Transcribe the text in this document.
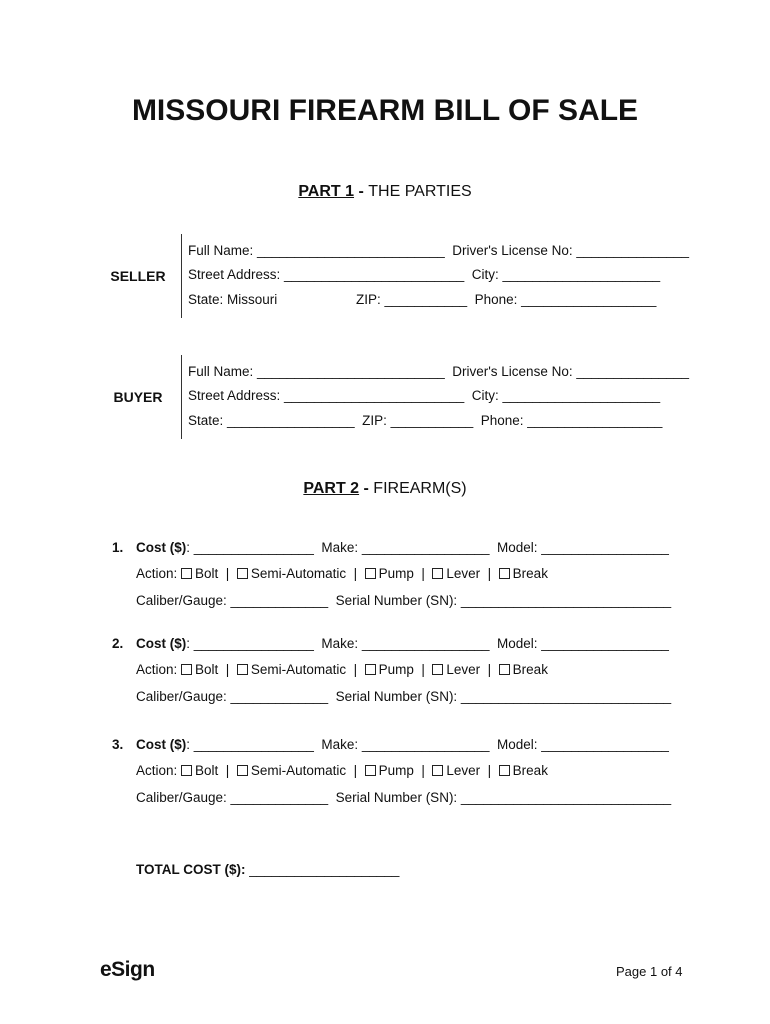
MISSOURI FIREARM BILL OF SALE
PART 1 - THE PARTIES
SELLER
Full Name: _________________________  Driver's License No: _______________
Street Address: ________________________  City: _____________________
State: Missouri                     ZIP: ___________  Phone: __________________
BUYER
Full Name: _________________________  Driver's License No: _______________
Street Address: ________________________  City: _____________________
State: _________________  ZIP: ___________  Phone: __________________
PART 2 - FIREARM(S)
1. Cost ($): ________________  Make: _________________  Model: _________________
Action: Bolt  |  Semi-Automatic  |  Pump  |  Lever  |  Break
Caliber/Gauge: _____________  Serial Number (SN): ____________________________
2. Cost ($): ________________  Make: _________________  Model: _________________
Action: Bolt  |  Semi-Automatic  |  Pump  |  Lever  |  Break
Caliber/Gauge: _____________  Serial Number (SN): ____________________________
3. Cost ($): ________________  Make: _________________  Model: _________________
Action: Bolt  |  Semi-Automatic  |  Pump  |  Lever  |  Break
Caliber/Gauge: _____________  Serial Number (SN): ____________________________
TOTAL COST ($): ____________________
eSign	Page 1 of 4
